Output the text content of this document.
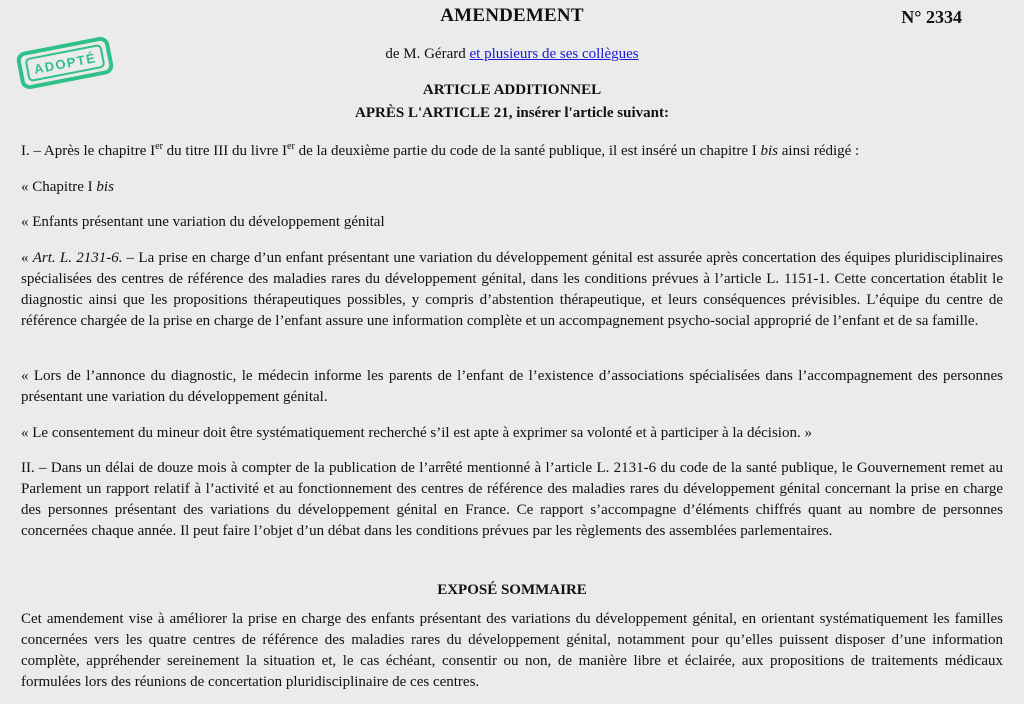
AMENDEMENT	N° 2334
ADOPTÉ	de M. Gérard et plusieurs de ses collègues
ARTICLE ADDITIONNEL
APRÈS L'ARTICLE 21, insérer l'article suivant:

I. – Après le chapitre Ier du titre III du livre Ier de la deuxième partie du code de la santé publique, il est inséré un chapitre I bis ainsi rédigé :

« Chapitre I bis

« Enfants présentant une variation du développement génital

« Art. L. 2131-6. – La prise en charge d’un enfant présentant une variation du développement génital est assurée après concertation des équipes pluridisciplinaires spécialisées des centres de référence des maladies rares du développement génital, dans les conditions prévues à l’article L. 1151-1. Cette concertation établit le diagnostic ainsi que les propositions thérapeutiques possibles, y compris d’abstention thérapeutique, et leurs conséquences prévisibles. L’équipe du centre de référence chargée de la prise en charge de l’enfant assure une information complète et un accompagnement psycho-social approprié de l’enfant et de sa famille.

« Lors de l’annonce du diagnostic, le médecin informe les parents de l’enfant de l’existence d’associations spécialisées dans l’accompagnement des personnes présentant une variation du développement génital.

« Le consentement du mineur doit être systématiquement recherché s’il est apte à exprimer sa volonté et à participer à la décision. »

II. – Dans un délai de douze mois à compter de la publication de l’arrêté mentionné à l’article L. 2131-6 du code de la santé publique, le Gouvernement remet au Parlement un rapport relatif à l’activité et au fonctionnement des centres de référence des maladies rares du développement génital concernant la prise en charge des personnes présentant des variations du développement génital en France. Ce rapport s’accompagne d’éléments chiffrés quant au nombre de personnes concernées chaque année. Il peut faire l’objet d’un débat dans les conditions prévues par les règlements des assemblées parlementaires.

EXPOSÉ SOMMAIRE

Cet amendement vise à améliorer la prise en charge des enfants présentant des variations du développement génital, en orientant systématiquement les familles concernées vers les quatre centres de référence des maladies rares du développement génital, notamment pour qu’elles puissent disposer d’une information complète, appréhender sereinement la situation et, le cas échéant, consentir ou non, de manière libre et éclairée, aux propositions de traitements médicaux formulées lors des réunions de concertation pluridisciplinaire de ces centres.
